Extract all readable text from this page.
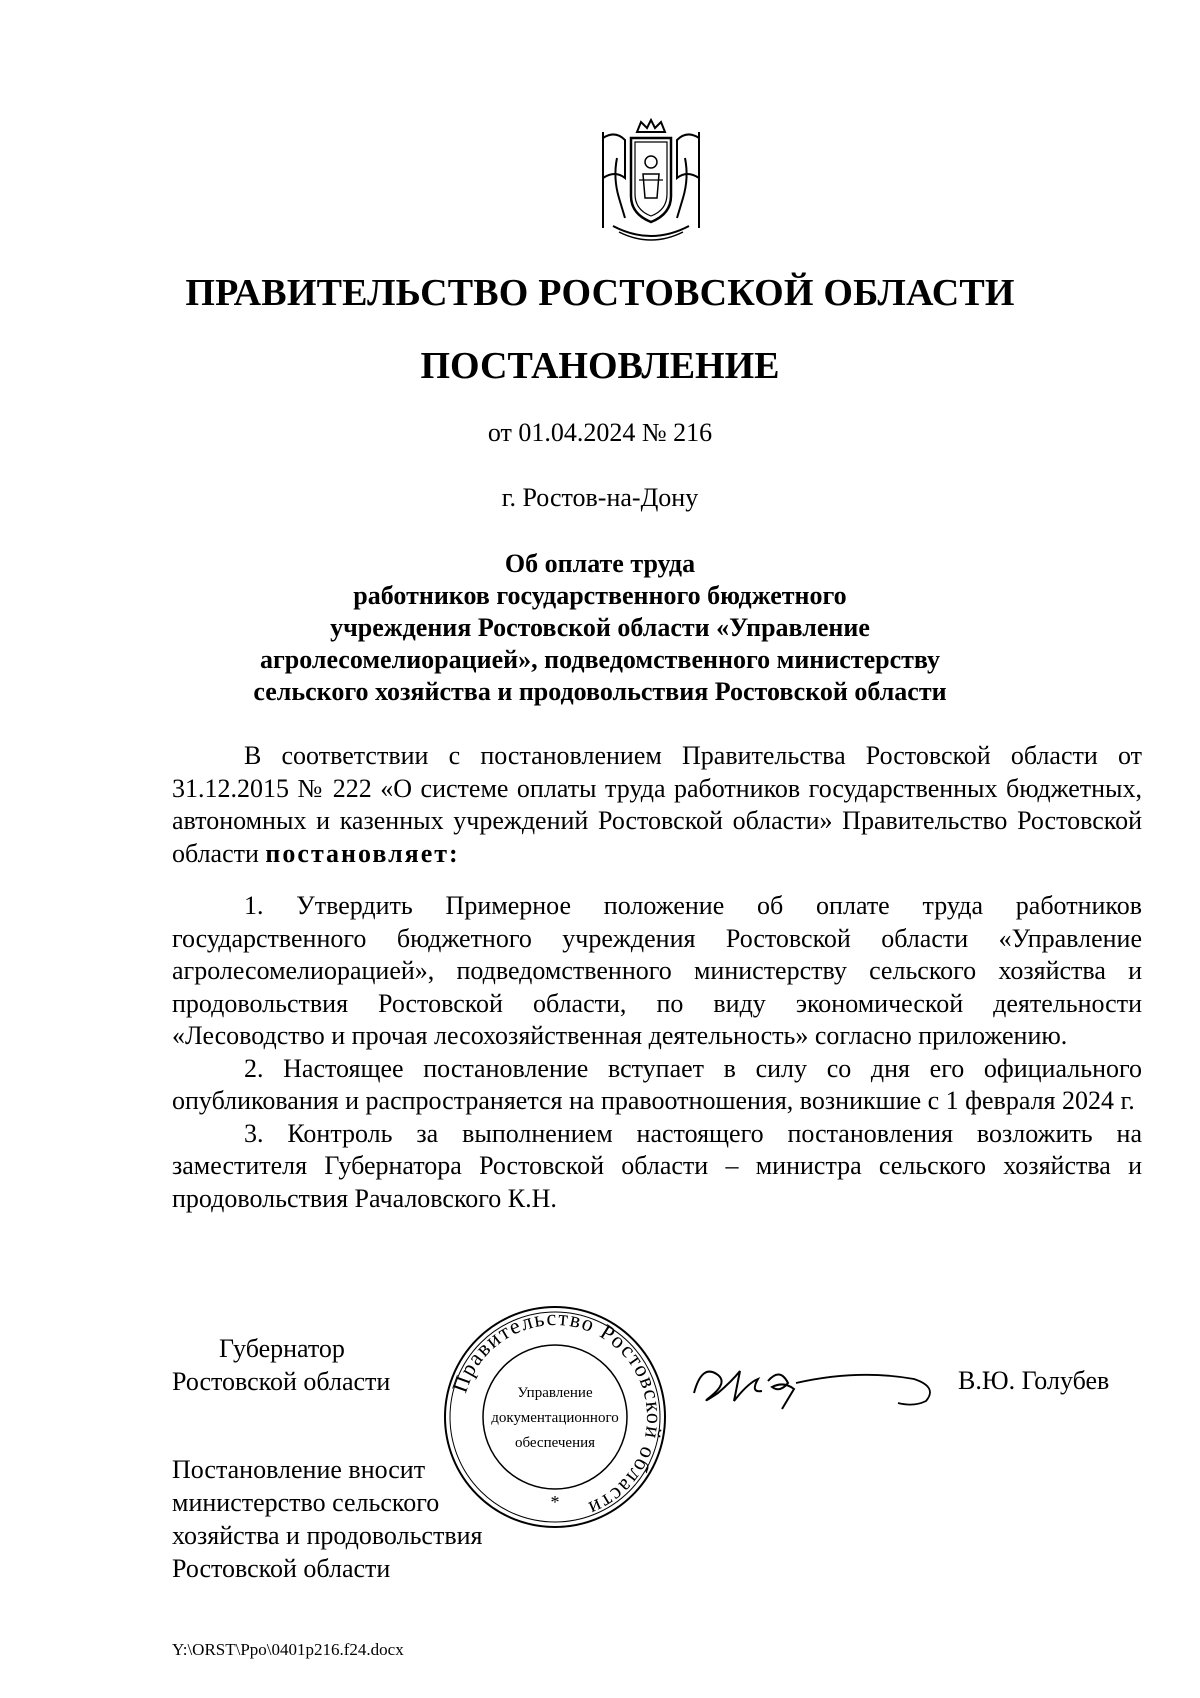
ПРАВИТЕЛЬСТВО РОСТОВСКОЙ ОБЛАСТИ
ПОСТАНОВЛЕНИЕ
от 01.04.2024 № 216
г. Ростов-на-Дону
Об оплате труда
работников государственного бюджетного
учреждения Ростовской области «Управление
агролесомелиорацией», подведомственного министерству
сельского хозяйства и продовольствия Ростовской области

В соответствии с постановлением Правительства Ростовской области от 31.12.2015 № 222 «О системе оплаты труда работников государственных бюджетных, автономных и казенных учреждений Ростовской области» Правительство Ростовской области постановляет:

1. Утвердить Примерное положение об оплате труда работников государственного бюджетного учреждения Ростовской области «Управление агролесомелиорацией», подведомственного министерству сельского хозяйства и продовольствия Ростовской области, по виду экономической деятельности «Лесоводство и прочая лесохозяйственная деятельность» согласно приложению.

2. Настоящее постановление вступает в силу со дня его официального опубликования и распространяется на правоотношения, возникшие с 1 февраля 2024 г.

3. Контроль за выполнением настоящего постановления возложить на заместителя Губернатора Ростовской области – министра сельского хозяйства и продовольствия Рачаловского К.Н.

Губернатор
Ростовской области	В.Ю. Голубев
Правительство Ростовской области
Управление
документационного
обеспечения
*
Постановление вносит
министерство сельского
хозяйства и продовольствия
Ростовской области
Y:\ORST\Ppo\0401p216.f24.docx
